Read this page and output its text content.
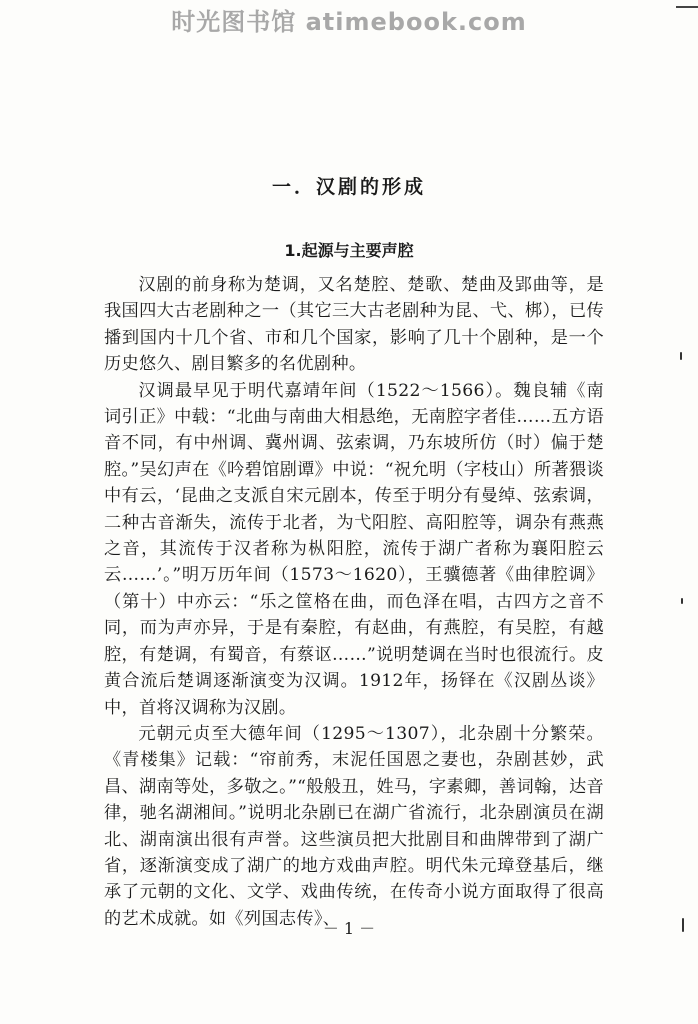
时光图书馆 atimebook.com
一．汉剧的形成
1.起源与主要声腔

汉剧的前身称为楚调，又名楚腔、楚歌、楚曲及郢曲等，是我国四大古老剧种之一（其它三大古老剧种为昆、弋、梆），已传播到国内十几个省、市和几个国家，影响了几十个剧种，是一个历史悠久、剧目繁多的名优剧种。

汉调最早见于明代嘉靖年间（1522～1566）。魏良辅《南词引正》中载：“北曲与南曲大相悬绝，无南腔字者佳……五方语音不同，有中州调、冀州调、弦索调，乃东坡所仿（时）偏于楚腔。”吴幻声在《吟碧馆剧谭》中说：“祝允明（字枝山）所著猥谈中有云，‘昆曲之支派自宋元剧本，传至于明分有曼绰、弦索调，二种古音渐失，流传于北者，为弋阳腔、高阳腔等，调杂有燕燕之音，其流传于汉者称为枞阳腔，流传于湖广者称为襄阳腔云云……’。”明万历年间（1573～1620），王骥德著《曲律腔调》（第十）中亦云：“乐之筐格在曲，而色泽在唱，古四方之音不同，而为声亦异，于是有秦腔，有赵曲，有燕腔，有吴腔，有越腔，有楚调，有蜀音，有蔡讴……”说明楚调在当时也很流行。皮黄合流后楚调逐渐演变为汉调。1912年，扬铎在《汉剧丛谈》中，首将汉调称为汉剧。

元朝元贞至大德年间（1295～1307），北杂剧十分繁荣。《青楼集》记载：“帘前秀，末泥任国恩之妻也，杂剧甚妙，武昌、湖南等处，多敬之。”“般般丑，姓马，字素卿，善词翰，达音律，驰名湖湘间。”说明北杂剧已在湖广省流行，北杂剧演员在湖北、湖南演出很有声誉。这些演员把大批剧目和曲牌带到了湖广省，逐渐演变成了湖广的地方戏曲声腔。明代朱元璋登基后，继承了元朝的文化、文学、戏曲传统，在传奇小说方面取得了很高的艺术成就。如《列国志传》、

－ 1 －
